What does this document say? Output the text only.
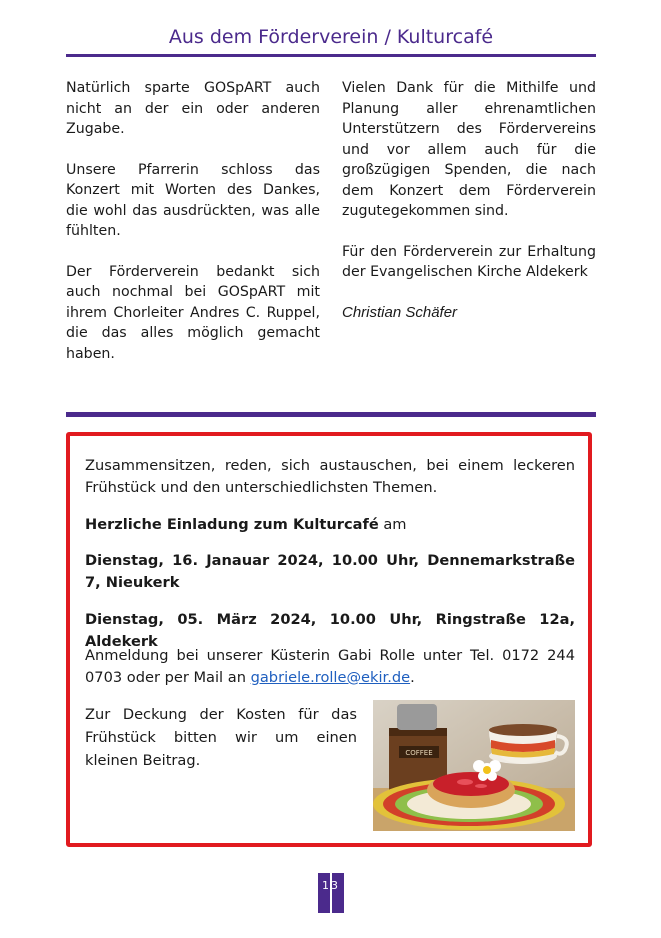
Aus dem Förderverein / Kulturcafé

Natürlich sparte GOSpART auch nicht an der ein oder anderen Zugabe.

Unsere Pfarrerin schloss das Konzert mit Worten des Dankes, die wohl das ausdrückten, was alle fühlten.

Der Förderverein bedankt sich auch nochmal bei GOSpART mit ihrem Chorleiter Andres C. Ruppel, die das alles möglich gemacht haben.

Vielen Dank für die Mithilfe und Planung aller ehrenamtlichen Unterstützern des Fördervereins und vor allem auch für die großzügigen Spenden, die nach dem Konzert dem Förderverein zugutegekommen sind.

Für den Förderverein zur Erhaltung der Evangelischen Kirche Aldekerk

Christian Schäfer
Zusammensitzen, reden, sich austauschen, bei einem leckeren Frühstück und den unterschiedlichsten Themen.
Herzliche Einladung zum Kulturcafé am
Dienstag, 16. Janauar 2024, 10.00 Uhr, Dennemarkstraße 7, Nieukerk
Dienstag, 05. März 2024, 10.00 Uhr, Ringstraße 12a, Aldekerk
Anmeldung bei unserer Küsterin Gabi Rolle unter Tel. 0172 244 0703 oder per Mail an gabriele.rolle@ekir.de.
Zur Deckung der Kosten für das Frühstück bitten wir um einen kleinen Beitrag.	COFFEE
13
